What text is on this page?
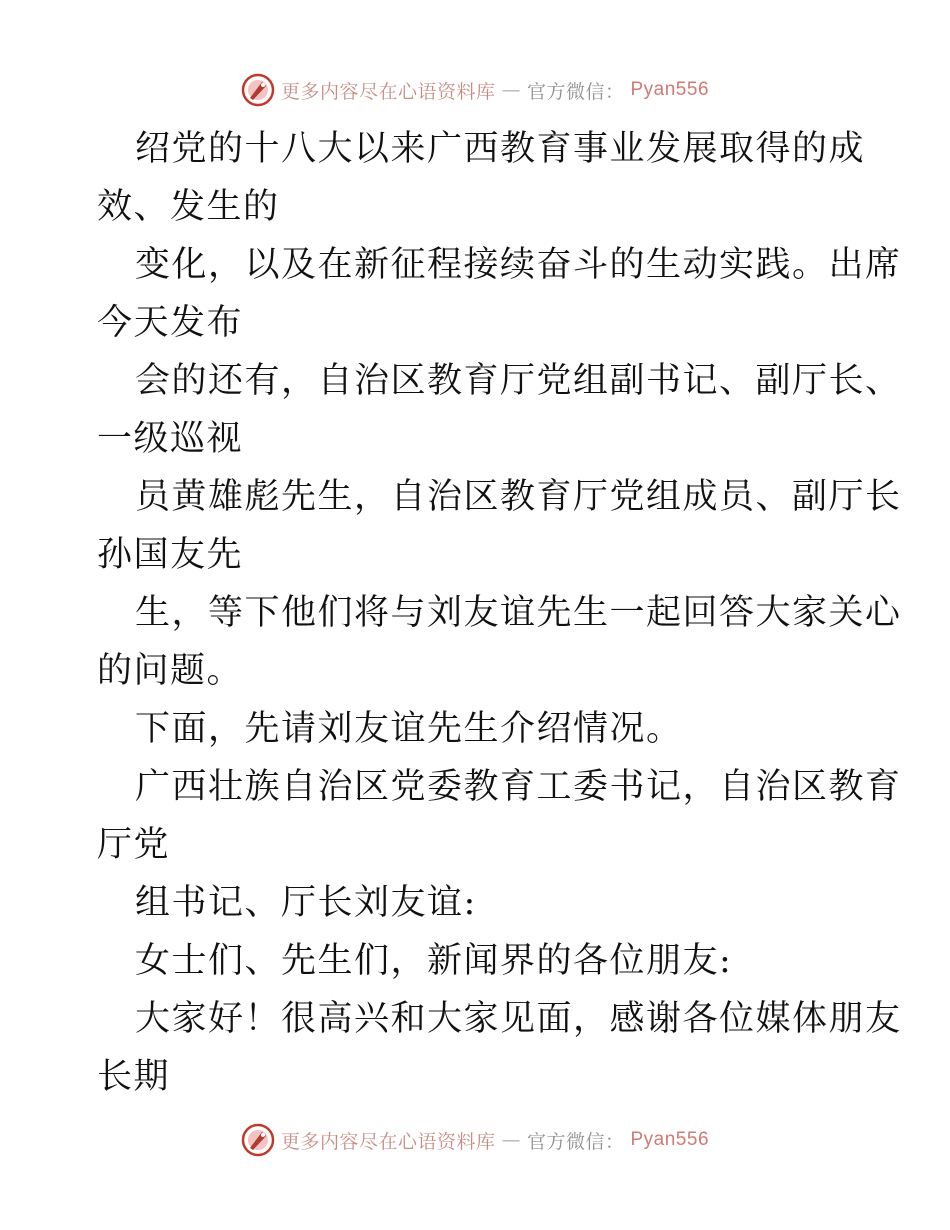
更多内容尽在心语资料库 — 官方微信： Pyan556
绍党的十八大以来广西教育事业发展取得的成
效、发生的
变化，以及在新征程接续奋斗的生动实践。出席
今天发布
会的还有，自治区教育厅党组副书记、副厅长、
一级巡视
员黄雄彪先生，自治区教育厅党组成员、副厅长
孙国友先
生，等下他们将与刘友谊先生一起回答大家关心
的问题。
下面，先请刘友谊先生介绍情况。
广西壮族自治区党委教育工委书记，自治区教育
厅党
组书记、厅长刘友谊:
女士们、先生们，新闻界的各位朋友:
大家好！很高兴和大家见面，感谢各位媒体朋友
长期
更多内容尽在心语资料库 — 官方微信： Pyan556
